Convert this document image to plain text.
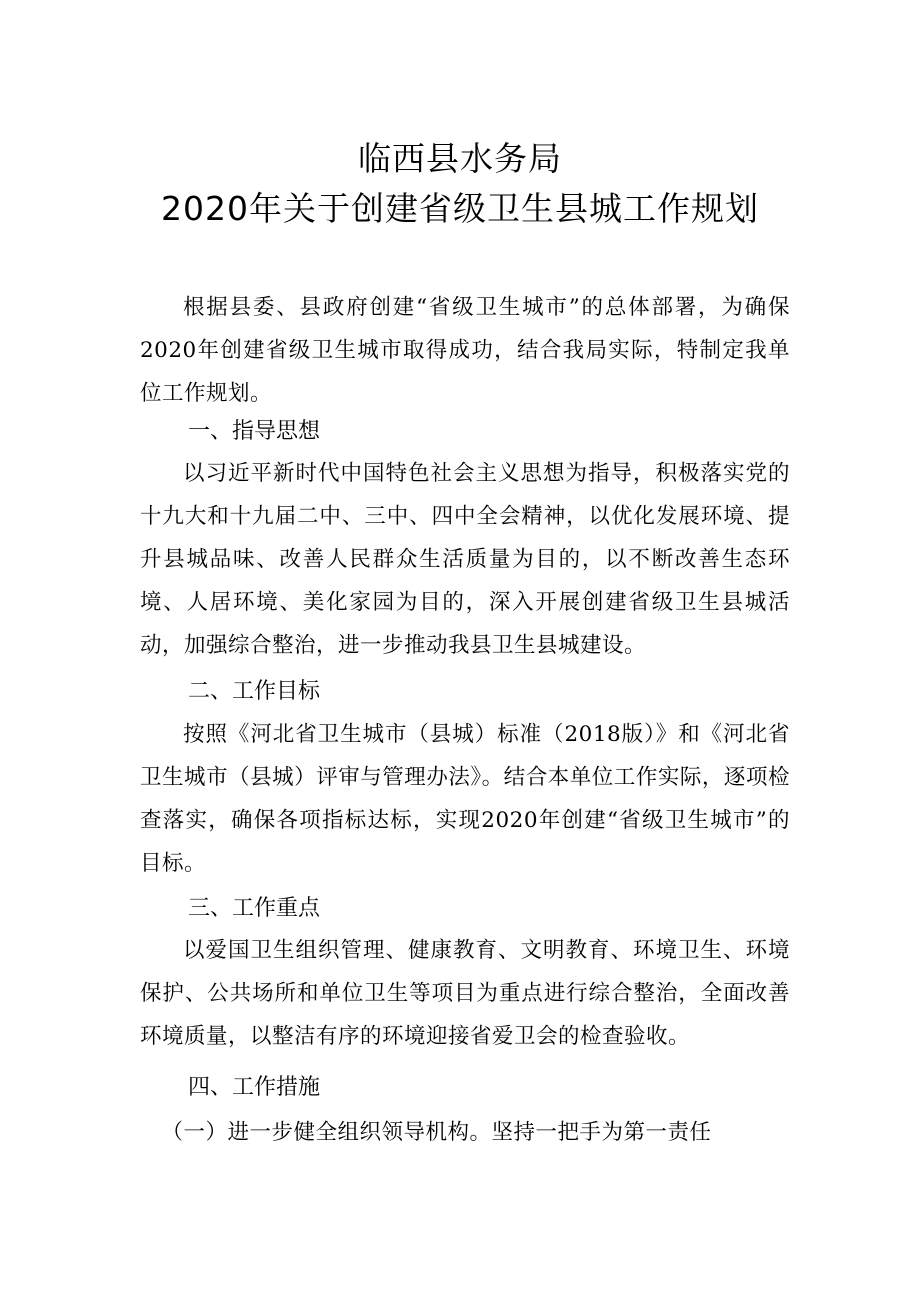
临西县水务局
2020年关于创建省级卫生县城工作规划
根据县委、县政府创建“省级卫生城市”的总体部署，为确保2020年创建省级卫生城市取得成功，结合我局实际，特制定我单位工作规划。
一、指导思想
以习近平新时代中国特色社会主义思想为指导，积极落实党的十九大和十九届二中、三中、四中全会精神，以优化发展环境、提升县城品味、改善人民群众生活质量为目的，以不断改善生态环境、人居环境、美化家园为目的，深入开展创建省级卫生县城活动，加强综合整治，进一步推动我县卫生县城建设。
二、工作目标
按照《河北省卫生城市（县城）标准（2018版）》和《河北省卫生城市（县城）评审与管理办法》。结合本单位工作实际，逐项检查落实，确保各项指标达标，实现2020年创建“省级卫生城市”的目标。
三、工作重点
以爱国卫生组织管理、健康教育、文明教育、环境卫生、环境保护、公共场所和单位卫生等项目为重点进行综合整治，全面改善环境质量，以整洁有序的环境迎接省爱卫会的检查验收。
四、工作措施
（一）进一步健全组织领导机构。坚持一把手为第一责任
